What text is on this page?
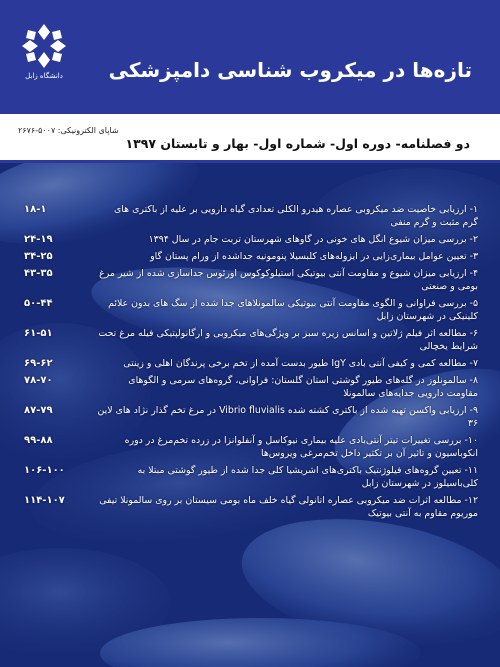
دانشگاه زابل	تازه‌ها در میکروب شناسی دامپزشکی
شاپای الکترونیکی: ۵۰۰۷-۲۶۷۶
دو فصلنامه- دوره اول- شماره اول- بهار و تابستان ۱۳۹۷
۱- ارزیابی خاصیت ضد میکروبی عصاره هیدرو الکلی تعدادی گیاه دارویی بر علیه از باکتری های گرم مثبت و گرم منفی
۱۸-۱
۲- بررسی میزان شیوع انگل های خونی در گاوهای شهرستان تربت جام در سال ۱۳۹۴
۲۴-۱۹
۳- تعیین عوامل بیماری‌زایی در ایزوله‌های کلبسیلا پنومونیه جداشده از ورام پستان گاو
۳۴-۲۵
۴- ارزیابی میزان شیوع و مقاومت آنتی بیوتیکی استیلوکوکوس اورئوس جداسازی شده از شیر مرغ بومی و صنعتی
۴۳-۳۵
۵- بررسی فراوانی و الگوی مقاومت آنتی بیوتیکی سالمونلاهای جدا شده از سگ های بدون علائم کلینیکی در شهرستان زابل
۵۰-۴۴
۶- مطالعه اثر فیلم ژلاتین و اسانس زیره سبز بر ویژگی‌های میکروبی و ارگانولپتیکی فیله مرغ تحت شرایط یخچالی
۶۱-۵۱
۷- مطالعه کمی و کیفی آنتی بادی IgY طیور بدست آمده از تخم برخی پرندگان اهلی و زینتی
۶۹-۶۲
۸- سالمونلوز در گله‌های طیور گوشتی استان گلستان: فراوانی، گروه‌های سرمی و الگوهای مقاومت دارویی جدایه‌های سالمونلا
۷۸-۷۰
۹- ارزیابی واکسن تهیه شده از باکتری کشته شده Vibrio fluvialis در مرغ تخم گذار نژاد های لاین ۳۶
۸۷-۷۹
۱۰- بررسی تغییرات تیتر آنتی‌بادی علیه بیماری نیوکاسل و آنفلوانزا در زرده تخم‌مرغ در دوره انکوباسیون و تاثیر آن بر تکثیر داخل تخم‌مرغی ویروس‌ها
۹۹-۸۸
۱۱- تعیین گروه‌های فیلوژنتیک باکتری‌های اشریشیا کلی جدا شده از طیور گوشتی مبتلا به کلی‌باسیلوز در شهرستان زابل
۱۰۶-۱۰۰
۱۲- مطالعه اثرات ضد میکروبی عصاره اتانولی گیاه خلف ماه بومی سیستان بر روی سالمونلا تیفی موریوم مقاوم به آنتی بیوتیک
۱۱۴-۱۰۷
